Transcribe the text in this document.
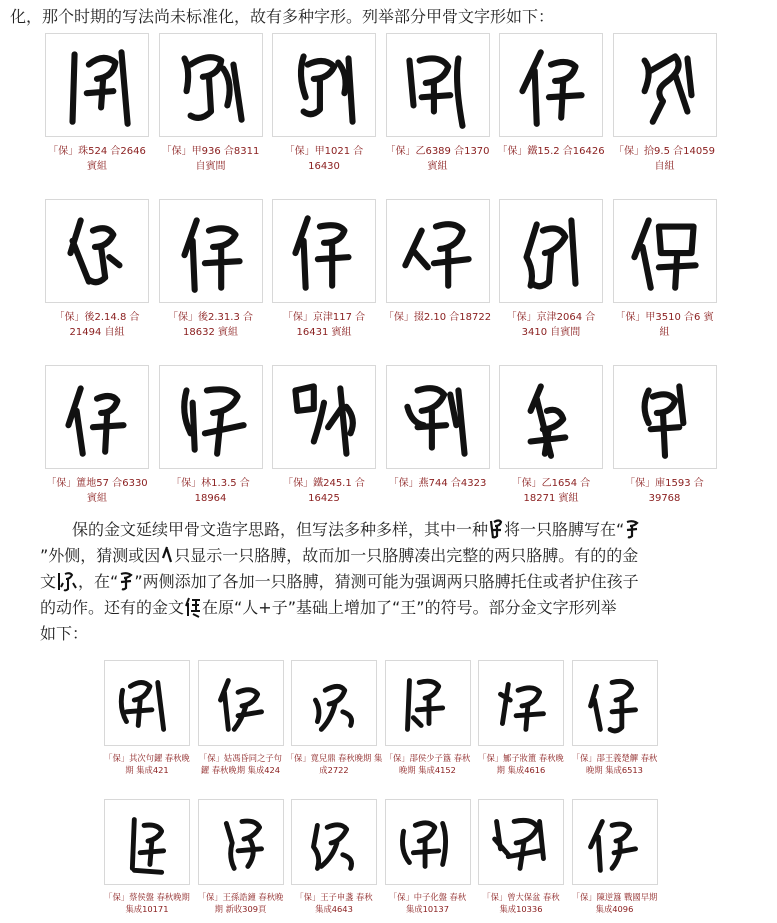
化，那个时期的写法尚未标准化，故有多种字形。列举部分甲骨文字形如下：
「保」珠524 合2646
賓組
「保」甲936 合8311
自賓間
「保」甲1021 合
16430
「保」乙6389 合1370
賓組
「保」鐵15.2 合16426 「保」拾9.5 合14059
自組
「保」後2.14.8 合
21494 自組
「保」後2.31.3 合
18632 賓組
「保」京津117 合
16431 賓組
「保」掇2.10 合18722	「保」京津2064 合
3410 自賓間
「保」甲3510 合6 賓
組
「保」簠地57 合6330
賓組
「保」林1.3.5 合
18964
「保」鐵245.1 合
16425
「保」燕744 合4323	「保」乙1654 合
18271 賓組
「保」庫1593 合
39768
保的金文延续甲骨文造字思路，但写法多种多样，其中一种 将一只胳膊写在“
”外侧，猜测或因 只显示一只胳膊，故而加一只胳膊凑出完整的两只胳膊。有的的金
文 ，在“ ”两侧添加了各加一只胳膊，猜测可能为强调两只胳膊托住或者护住孩子
的动作。还有的金文 在原“人+子”基础上增加了“王”的符号。部分金文字形列举
如下：
「保」其次句鑃 春秋晚
期 集成421
「保」姑馮昏同之子句
鑃 春秋晚期 集成424
「保」寬兒鼎 春秋晚期 集成2722
「保」郘侯少子簋 春秋
晚期 集成4152
「保」鄦子妝簠 春秋晚
期 集成4616
「保」郘王義楚觶 春秋
晚期 集成6513
「保」蔡侯盤 春秋晚期
集成10171
「保」王孫誥鐘 春秋晚
期 新收309頁
「保」王子申盞 春秋
集成4643
「保」中子化盤 春秋
集成10137
「保」曾大保盆 春秋
集成10336
「保」陳逆簋 戰國早期
集成4096
